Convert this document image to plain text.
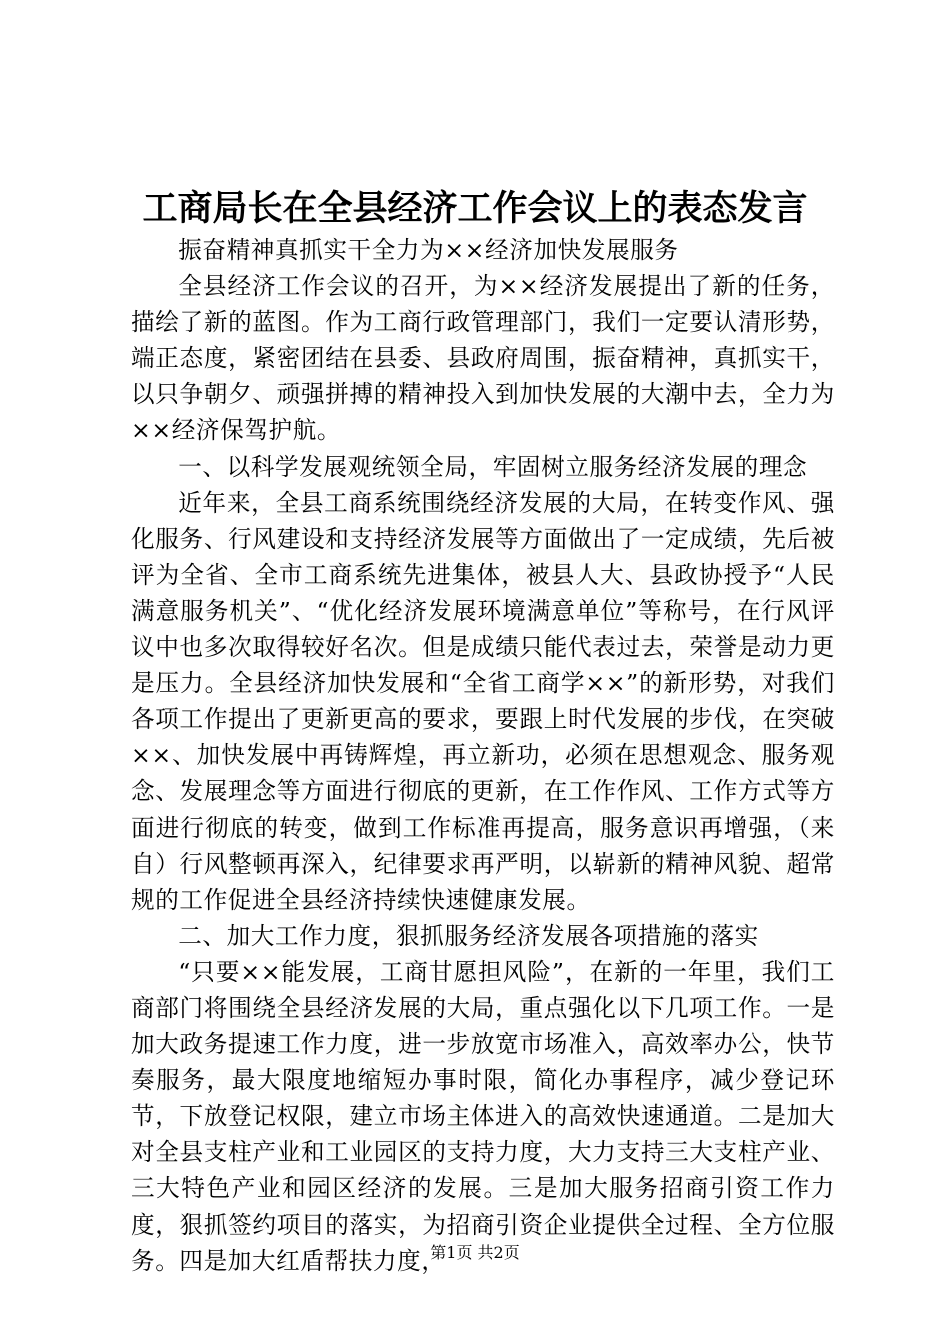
工商局长在全县经济工作会议上的表态发言

振奋精神真抓实干全力为××经济加快发展服务

全县经济工作会议的召开，为××经济发展提出了新的任务，描绘了新的蓝图。作为工商行政管理部门，我们一定要认清形势，端正态度，紧密团结在县委、县政府周围，振奋精神，真抓实干，以只争朝夕、顽强拼搏的精神投入到加快发展的大潮中去，全力为××经济保驾护航。

一、以科学发展观统领全局，牢固树立服务经济发展的理念

近年来，全县工商系统围绕经济发展的大局，在转变作风、强化服务、行风建设和支持经济发展等方面做出了一定成绩，先后被评为全省、全市工商系统先进集体，被县人大、县政协授予“人民满意服务机关”、“优化经济发展环境满意单位”等称号，在行风评议中也多次取得较好名次。但是成绩只能代表过去，荣誉是动力更是压力。全县经济加快发展和“全省工商学××”的新形势，对我们各项工作提出了更新更高的要求，要跟上时代发展的步伐，在突破××、加快发展中再铸辉煌，再立新功，必须在思想观念、服务观念、发展理念等方面进行彻底的更新，在工作作风、工作方式等方面进行彻底的转变，做到工作标准再提高，服务意识再增强，（来自）行风整顿再深入，纪律要求再严明，以崭新的精神风貌、超常规的工作促进全县经济持续快速健康发展。

二、加大工作力度，狠抓服务经济发展各项措施的落实

“只要××能发展，工商甘愿担风险”，在新的一年里，我们工商部门将围绕全县经济发展的大局，重点强化以下几项工作。一是加大政务提速工作力度，进一步放宽市场准入，高效率办公，快节奏服务，最大限度地缩短办事时限，简化办事程序，减少登记环节，下放登记权限，建立市场主体进入的高效快速通道。二是加大对全县支柱产业和工业园区的支持力度，大力支持三大支柱产业、三大特色产业和园区经济的发展。三是加大服务招商引资工作力度，狠抓签约项目的落实，为招商引资企业提供全过程、全方位服务。四是加大红盾帮扶力度，

第1页 共2页
